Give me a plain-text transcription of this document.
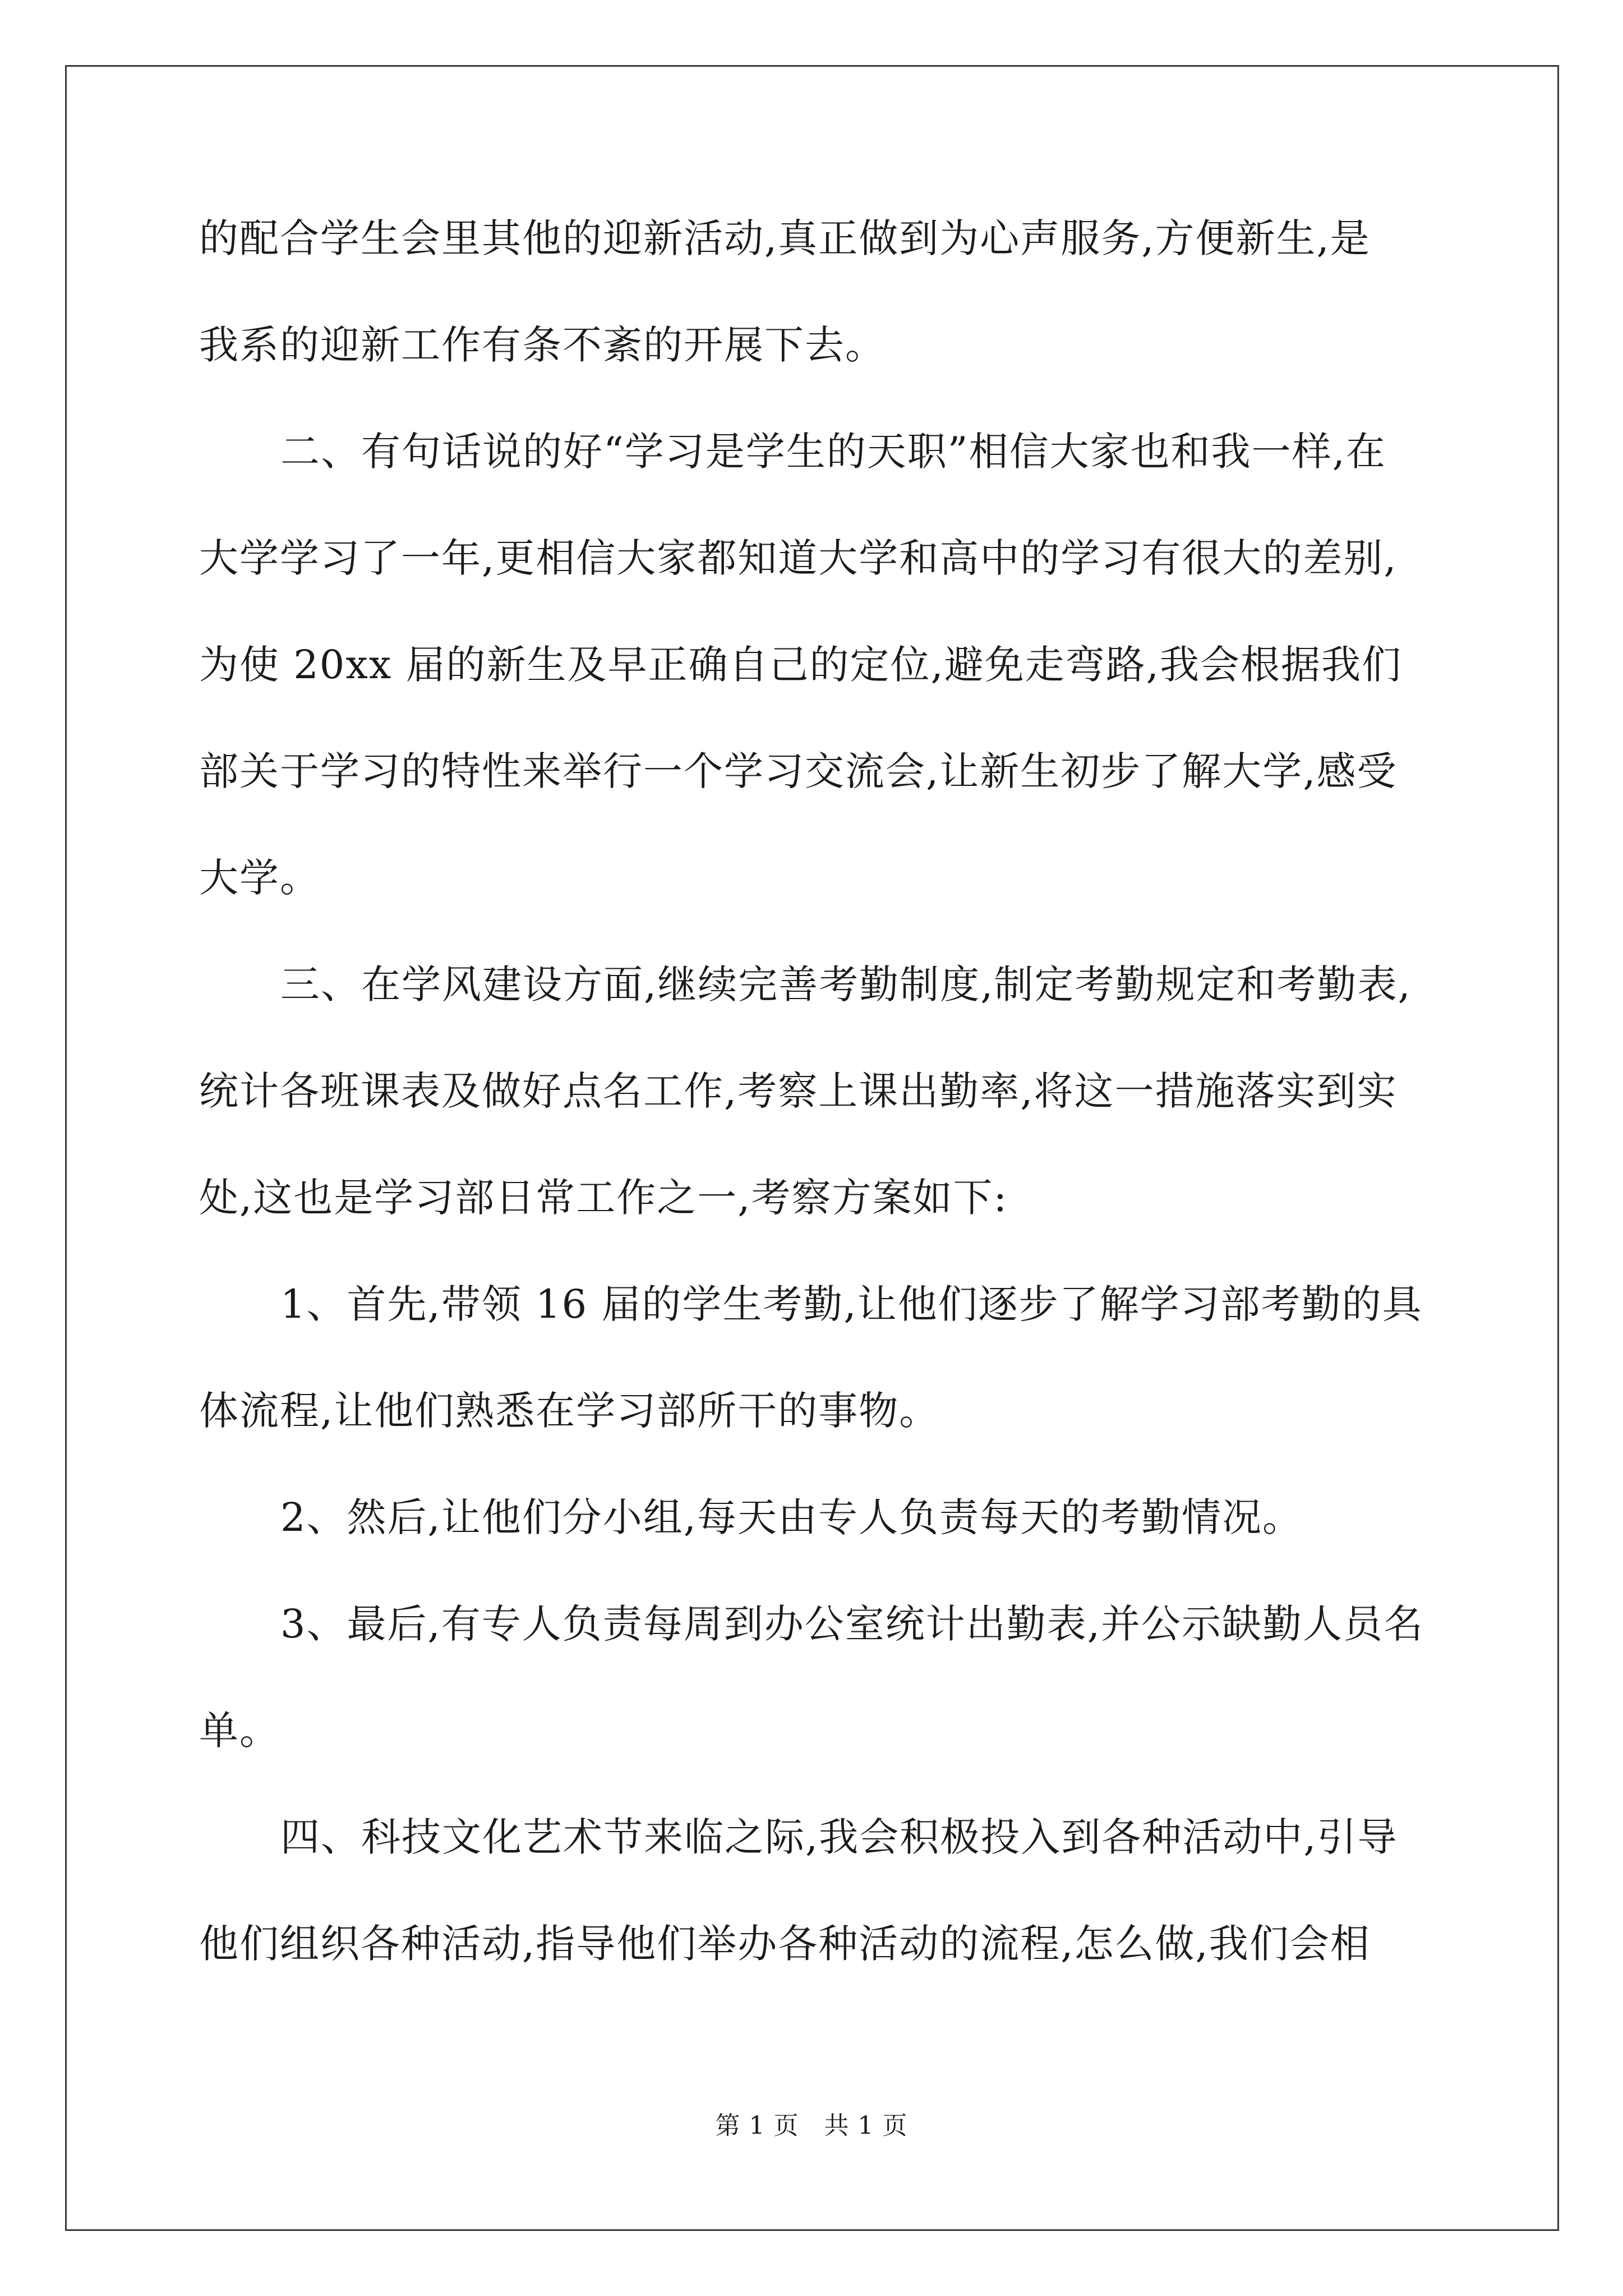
的配合学生会里其他的迎新活动,真正做到为心声服务,方便新生,是
我系的迎新工作有条不紊的开展下去。
二、有句话说的好“学习是学生的天职”相信大家也和我一样,在
大学学习了一年,更相信大家都知道大学和高中的学习有很大的差别,
为使 20xx 届的新生及早正确自己的定位,避免走弯路,我会根据我们
部关于学习的特性来举行一个学习交流会,让新生初步了解大学,感受
大学。
三、在学风建设方面,继续完善考勤制度,制定考勤规定和考勤表,
统计各班课表及做好点名工作,考察上课出勤率,将这一措施落实到实
处,这也是学习部日常工作之一,考察方案如下:
1、首先,带领 16 届的学生考勤,让他们逐步了解学习部考勤的具
体流程,让他们熟悉在学习部所干的事物。
2、然后,让他们分小组,每天由专人负责每天的考勤情况。
3、最后,有专人负责每周到办公室统计出勤表,并公示缺勤人员名
单。
四、科技文化艺术节来临之际,我会积极投入到各种活动中,引导
他们组织各种活动,指导他们举办各种活动的流程,怎么做,我们会相
第 1 页　共 1 页
